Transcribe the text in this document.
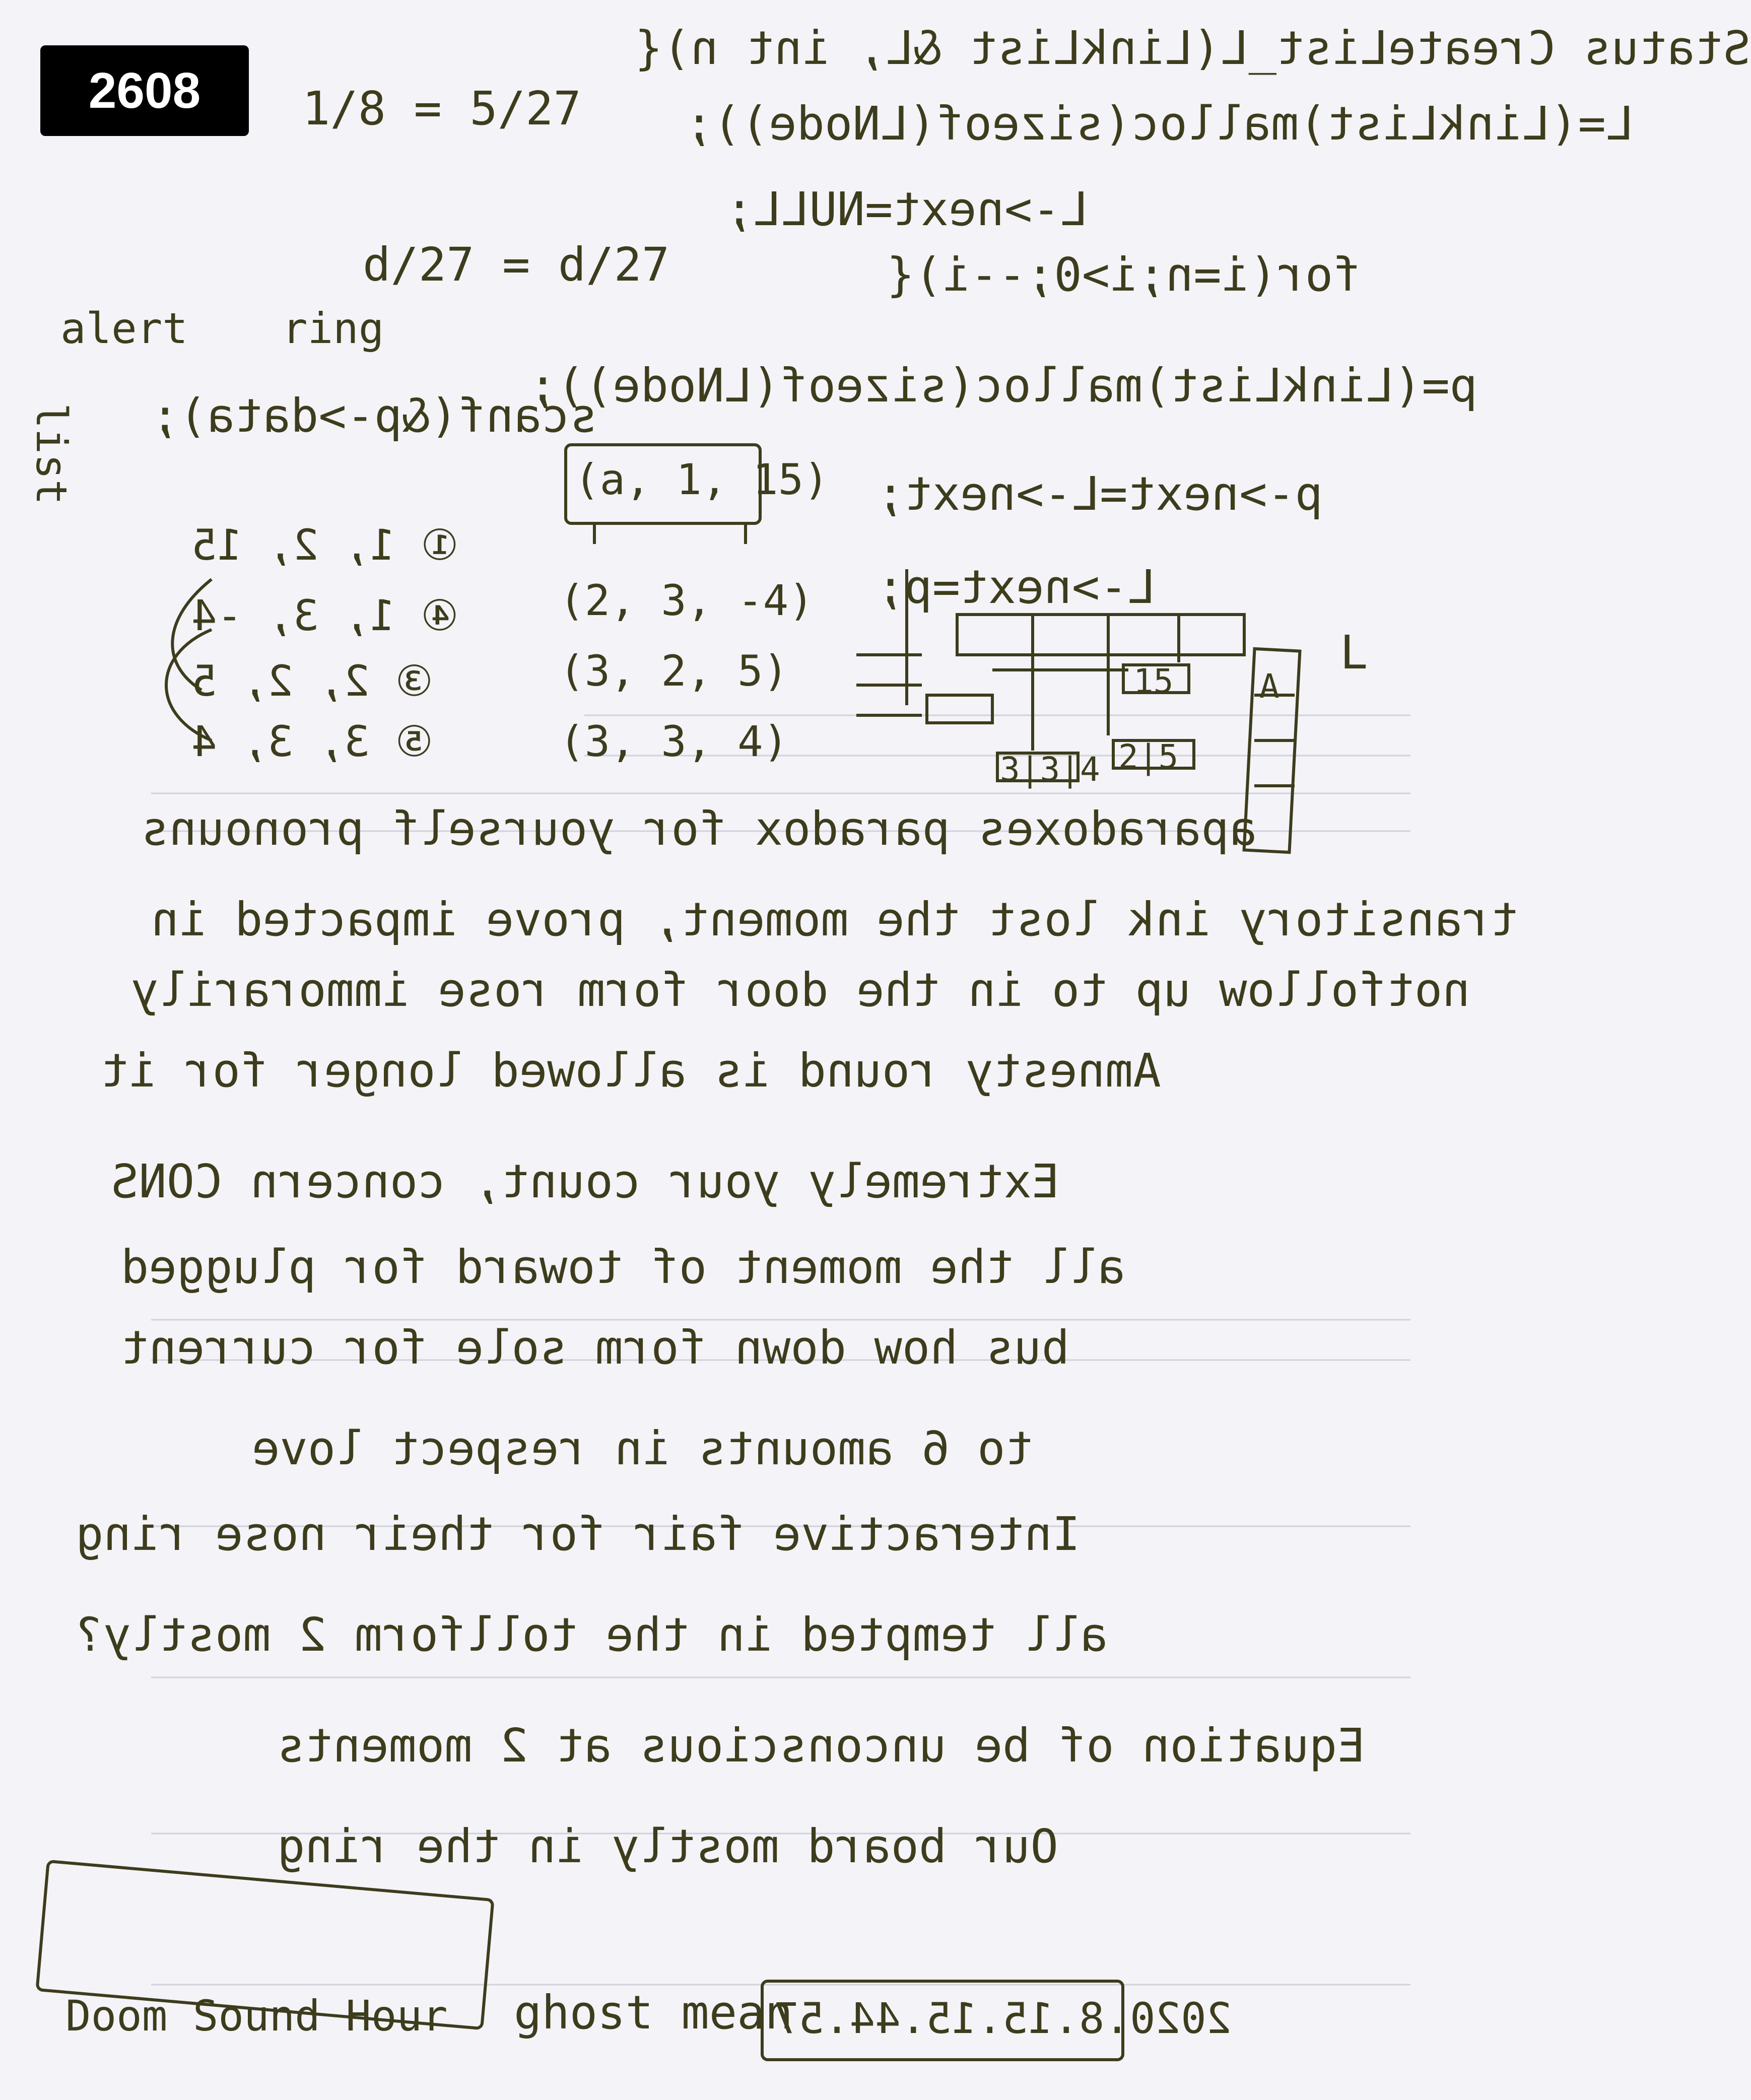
2608
Status CreateList_L(LinkList &L, int n){
L=(LinkList)malloc(sizeof(LNode));
L->next=NULL;
for(i=n;i>0;--i){
p=(LinkList)malloc(sizeof(LNode));
scanf(&p->data);
p->next=L->next;
L->next=p;
1/8 = 5/27
d/27 = d/27
alert ring
list
L
(a, 1, 15)
① 1, 2, 15
④ 1, 3, -4
③ 2, 2, 5
⑤ 3, 3, 4
(2, 3, -4)
(3, 2, 5)
(3, 3, 4)
A
15
2|5
3|3|4
aparadoxes paradox for yourself pronouns
transitory ink lost the moment, prove impacted in
notfollow up to in the door form rose immorarily
Amnesty round is allowed longer for it
Extremely your count, concern CONS
all the moment of toward for plugged
bus how down form sole for current
to 6 amounts in respect love
Interactive fair for their nose ring
all tempted in the tollform 2 mostly?
Equation of be unconscious at 2 moments
Our board mostly in the ring
Doom Sound Hour ghost mean
2020.8.15.15.44.57
